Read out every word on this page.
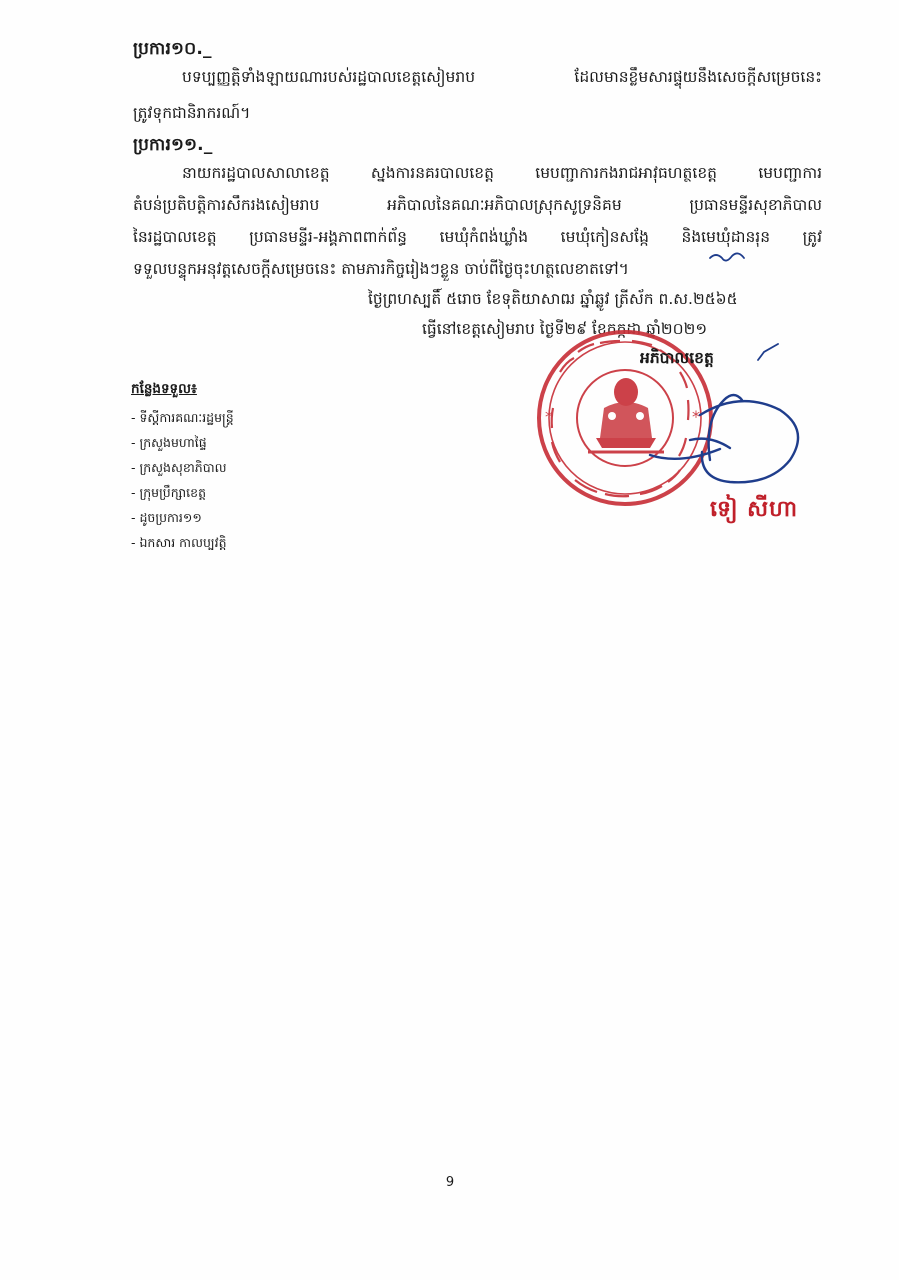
ប្រការ១០._
បទប្បញ្ញត្តិទាំងឡាយណារបស់រដ្ឋបាលខេត្តសៀមរាប ដែលមានខ្លឹមសារផ្ទុយនឹងសេចក្ដីសម្រេចនេះ
ត្រូវទុកជានិរាករណ៍។
ប្រការ១១._
នាយករដ្ឋបាលសាលាខេត្ត ស្នងការនគរបាលខេត្ត មេបញ្ជាការកងរាជអាវុធហត្ថខេត្ត មេបញ្ជាការ
តំបន់ប្រតិបត្តិការសឹករងសៀមរាប អភិបាលនៃគណៈអភិបាលស្រុកសូទ្រនិគម ប្រធានមន្ទីរសុខាភិបាល
នៃរដ្ឋបាលខេត្ត ប្រធានមន្ទីរ-អង្គភាពពាក់ព័ន្ធ មេឃុំកំពង់ឃ្លាំង មេឃុំកៀនសង្កែ និងមេឃុំដានរុន ត្រូវ
ទទួលបន្ទុកអនុវត្តសេចក្ដីសម្រេចនេះ តាមភារកិច្ចរៀងៗខ្លួន ចាប់ពីថ្ងៃចុះហត្ថលេខាតទៅ។
ថ្ងៃព្រហស្បតិ៍ ៥រោច ខែទុតិយាសាឍ ឆ្នាំឆ្លូវ ត្រីស័ក ព.ស.២៥៦៥
ធ្វើនៅខេត្តសៀមរាប ថ្ងៃទី២៩ ខែកក្កដា ឆ្នាំ២០២១
*	*
អភិបាលខេត្ត
ទៀ សីហា
កន្លែងទទួល៖
- ទីស្ដីការគណៈរដ្ឋមន្ត្រី
- ក្រសួងមហាផ្ទៃ
- ក្រសួងសុខាភិបាល
- ក្រុមប្រឹក្សាខេត្ត
- ដូចប្រការ១១
- ឯកសារ កាលប្បវត្តិ
9
